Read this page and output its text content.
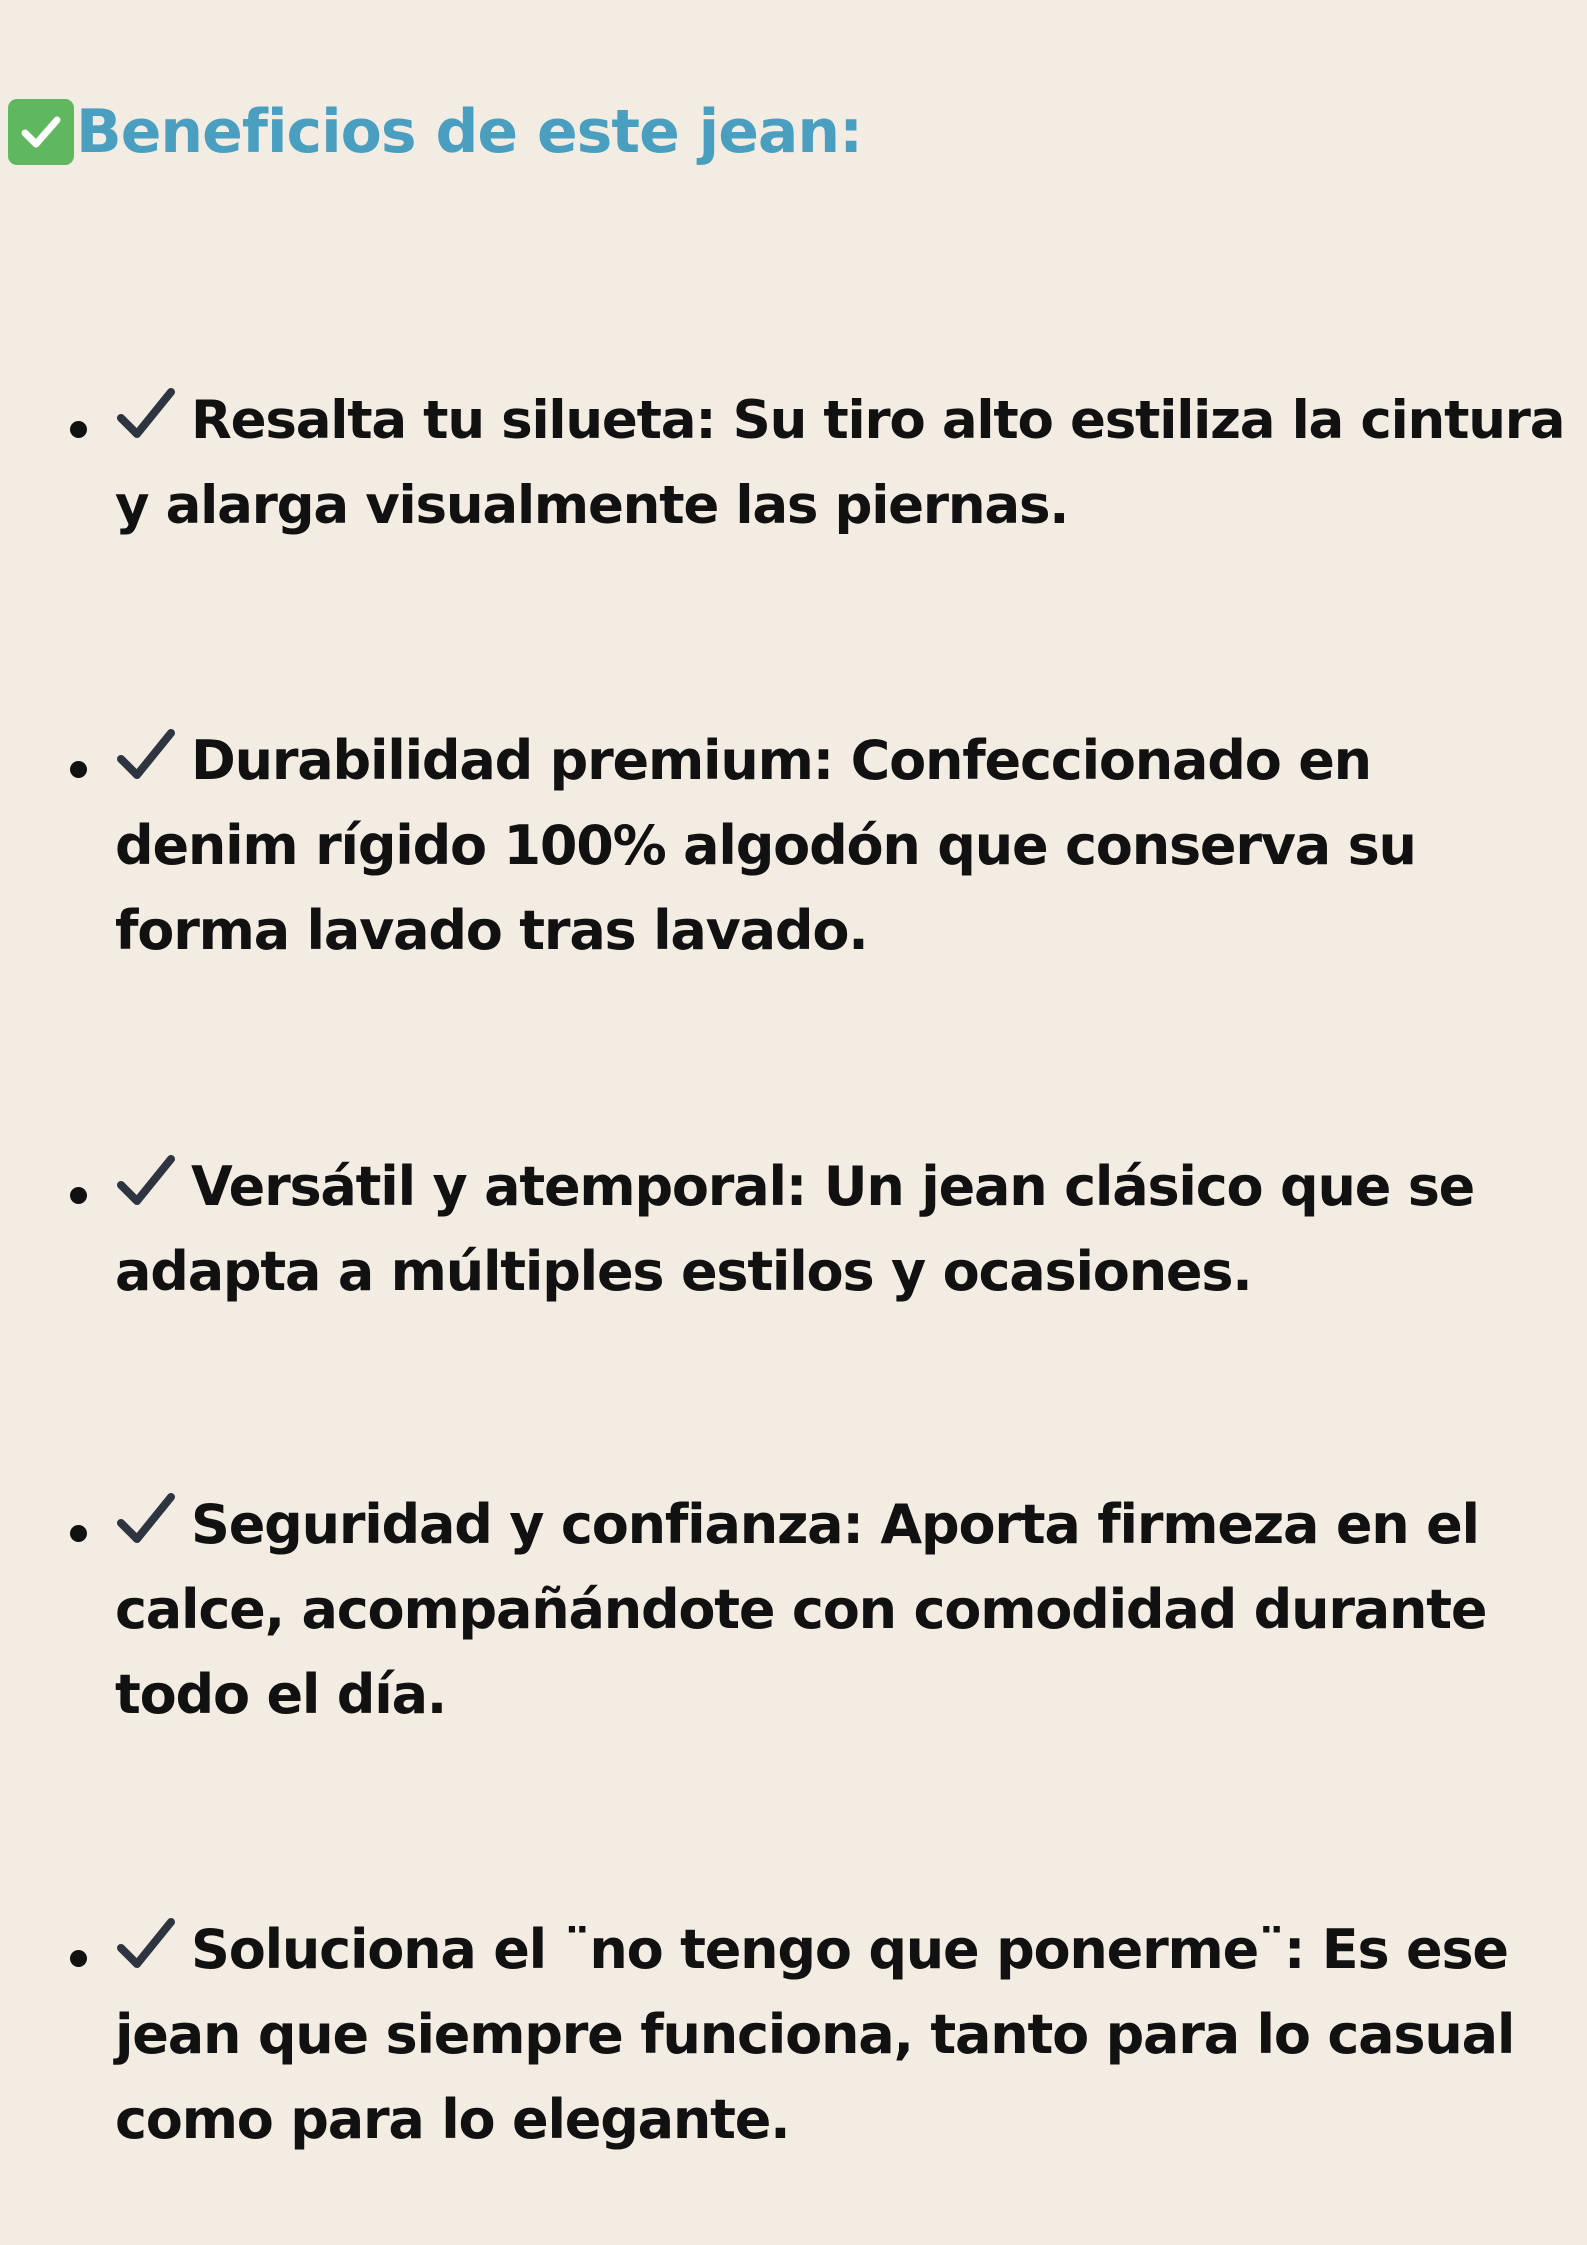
Beneficios de este jean:
Resalta tu silueta: Su tiro alto estiliza la cintura
y alarga visualmente las piernas.
Durabilidad premium: Confeccionado en
denim rígido 100% algodón que conserva su
forma lavado tras lavado.
Versátil y atemporal: Un jean clásico que se
adapta a múltiples estilos y ocasiones.
Seguridad y confianza: Aporta firmeza en el
calce, acompañándote con comodidad durante
todo el día.
Soluciona el ¨no tengo que ponerme¨: Es ese
jean que siempre funciona, tanto para lo casual
como para lo elegante.
